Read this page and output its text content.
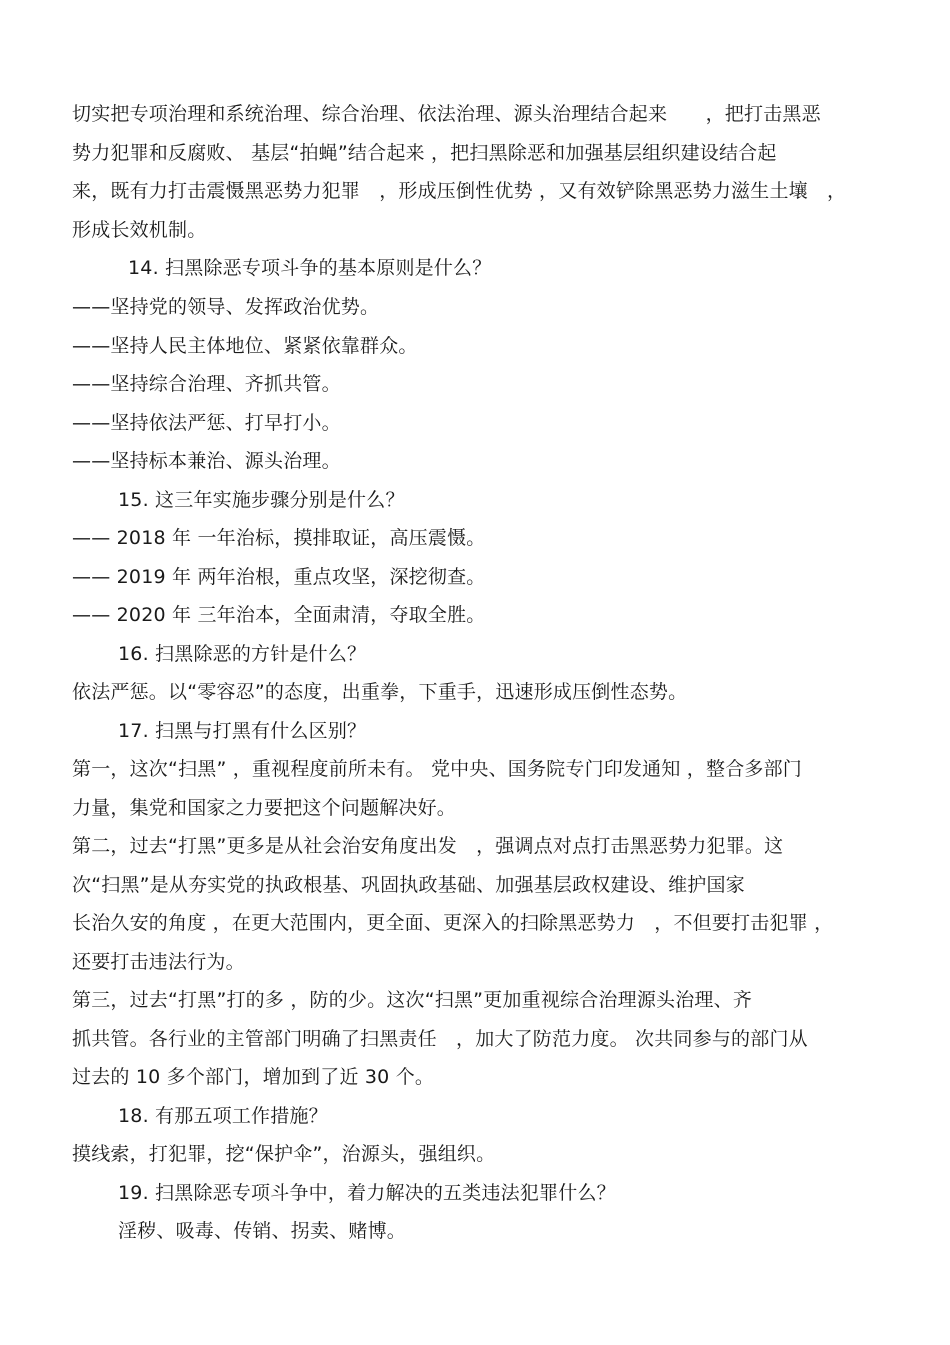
切实把专项治理和系统治理、综合治理、依法治理、源头治理结合起来　　，把打击黑恶
势力犯罪和反腐败、 基层“拍蝇”结合起来 ，把扫黑除恶和加强基层组织建设结合起
来，既有力打击震慑黑恶势力犯罪　，形成压倒性优势 ，又有效铲除黑恶势力滋生土壤　，
形成长效机制。
14. 扫黑除恶专项斗争的基本原则是什么？
——坚持党的领导、发挥政治优势。
——坚持人民主体地位、紧紧依靠群众。
——坚持综合治理、齐抓共管。
——坚持依法严惩、打早打小。
——坚持标本兼治、源头治理。
15. 这三年实施步骤分别是什么？
—— 2018 年 一年治标，摸排取证，高压震慑。
—— 2019 年 两年治根，重点攻坚，深挖彻查。
—— 2020 年 三年治本，全面肃清，夺取全胜。
16. 扫黑除恶的方针是什么？
依法严惩。以“零容忍”的态度，出重拳，下重手，迅速形成压倒性态势。
17. 扫黑与打黑有什么区别？
第一，这次“扫黑” ，重视程度前所未有。 党中央、国务院专门印发通知 ，整合多部门
力量，集党和国家之力要把这个问题解决好。
第二，过去“打黑”更多是从社会治安角度出发　，强调点对点打击黑恶势力犯罪。这
次“扫黑”是从夯实党的执政根基、巩固执政基础、加强基层政权建设、维护国家
长治久安的角度 ，在更大范围内，更全面、更深入的扫除黑恶势力　，不但要打击犯罪 ，
还要打击违法行为。
第三，过去“打黑”打的多 ，防的少。这次“扫黑”更加重视综合治理源头治理、齐
抓共管。各行业的主管部门明确了扫黑责任　，加大了防范力度。 次共同参与的部门从
过去的 10 多个部门，增加到了近 30 个。
18. 有那五项工作措施？
摸线索，打犯罪，挖“保护伞”，治源头，强组织。
19. 扫黑除恶专项斗争中，着力解决的五类违法犯罪什么？
淫秽、吸毒、传销、拐卖、赌博。
